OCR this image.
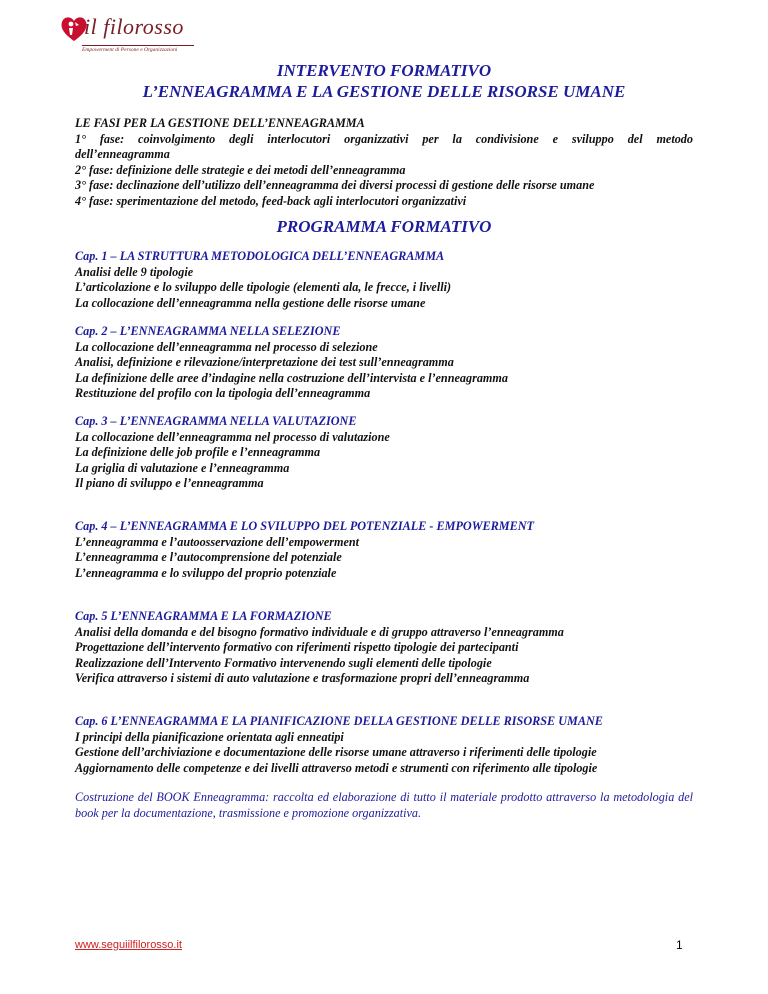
il filorosso
Empowerment di Persone e Organizzazioni
INTERVENTO FORMATIVO
L’ENNEAGRAMMA E LA GESTIONE DELLE RISORSE UMANE

LE FASI PER LA GESTIONE DELL’ENNEAGRAMMA

1° fase: coinvolgimento degli interlocutori organizzativi per la condivisione e sviluppo del metodo

dell’enneagramma

2° fase: definizione delle strategie e dei metodi dell’enneagramma

3° fase: declinazione dell’utilizzo dell’enneagramma dei diversi processi di gestione delle risorse umane

4° fase: sperimentazione del metodo, feed-back agli interlocutori organizzativi

PROGRAMMA FORMATIVO

Cap. 1 – LA STRUTTURA METODOLOGICA DELL’ENNEAGRAMMA

Analisi delle 9 tipologie

L’articolazione e lo sviluppo delle tipologie (elementi ala, le frecce, i livelli)

La collocazione dell’enneagramma nella gestione delle risorse umane

Cap. 2 – L’ENNEAGRAMMA NELLA SELEZIONE

La collocazione dell’enneagramma nel processo di selezione

Analisi, definizione e rilevazione/interpretazione dei test sull’enneagramma

La definizione delle aree d’indagine nella costruzione dell’intervista e l’enneagramma

Restituzione del profilo con la tipologia dell’enneagramma

Cap. 3 – L’ENNEAGRAMMA NELLA VALUTAZIONE

La collocazione dell’enneagramma nel processo di valutazione

La definizione delle job profile e l’enneagramma

La griglia di valutazione e l’enneagramma

Il piano di sviluppo e l’enneagramma

Cap. 4 – L’ENNEAGRAMMA E LO SVILUPPO DEL POTENZIALE - EMPOWERMENT

L’enneagramma e l’autoosservazione dell’empowerment

L’enneagramma e l’autocomprensione del potenziale

L’enneagramma e lo sviluppo del proprio potenziale

Cap. 5 L’ENNEAGRAMMA E LA FORMAZIONE

Analisi della domanda e del bisogno formativo individuale e di gruppo attraverso l’enneagramma

Progettazione dell’intervento formativo con riferimenti rispetto tipologie dei partecipanti

Realizzazione dell’Intervento Formativo intervenendo sugli elementi delle tipologie

Verifica attraverso i sistemi di auto valutazione e trasformazione propri dell’enneagramma

Cap. 6 L’ENNEAGRAMMA E LA PIANIFICAZIONE DELLA GESTIONE DELLE RISORSE UMANE

I principi della pianificazione orientata agli enneatipi

Gestione dell’archiviazione e documentazione delle risorse umane attraverso i riferimenti delle tipologie

Aggiornamento delle competenze e dei livelli attraverso metodi e strumenti con riferimento alle tipologie

Costruzione del BOOK Enneagramma: raccolta ed elaborazione di tutto il materiale prodotto attraverso la metodologia del book per la documentazione, trasmissione e promozione organizzativa.

www.seguiilfilorosso.it	1
